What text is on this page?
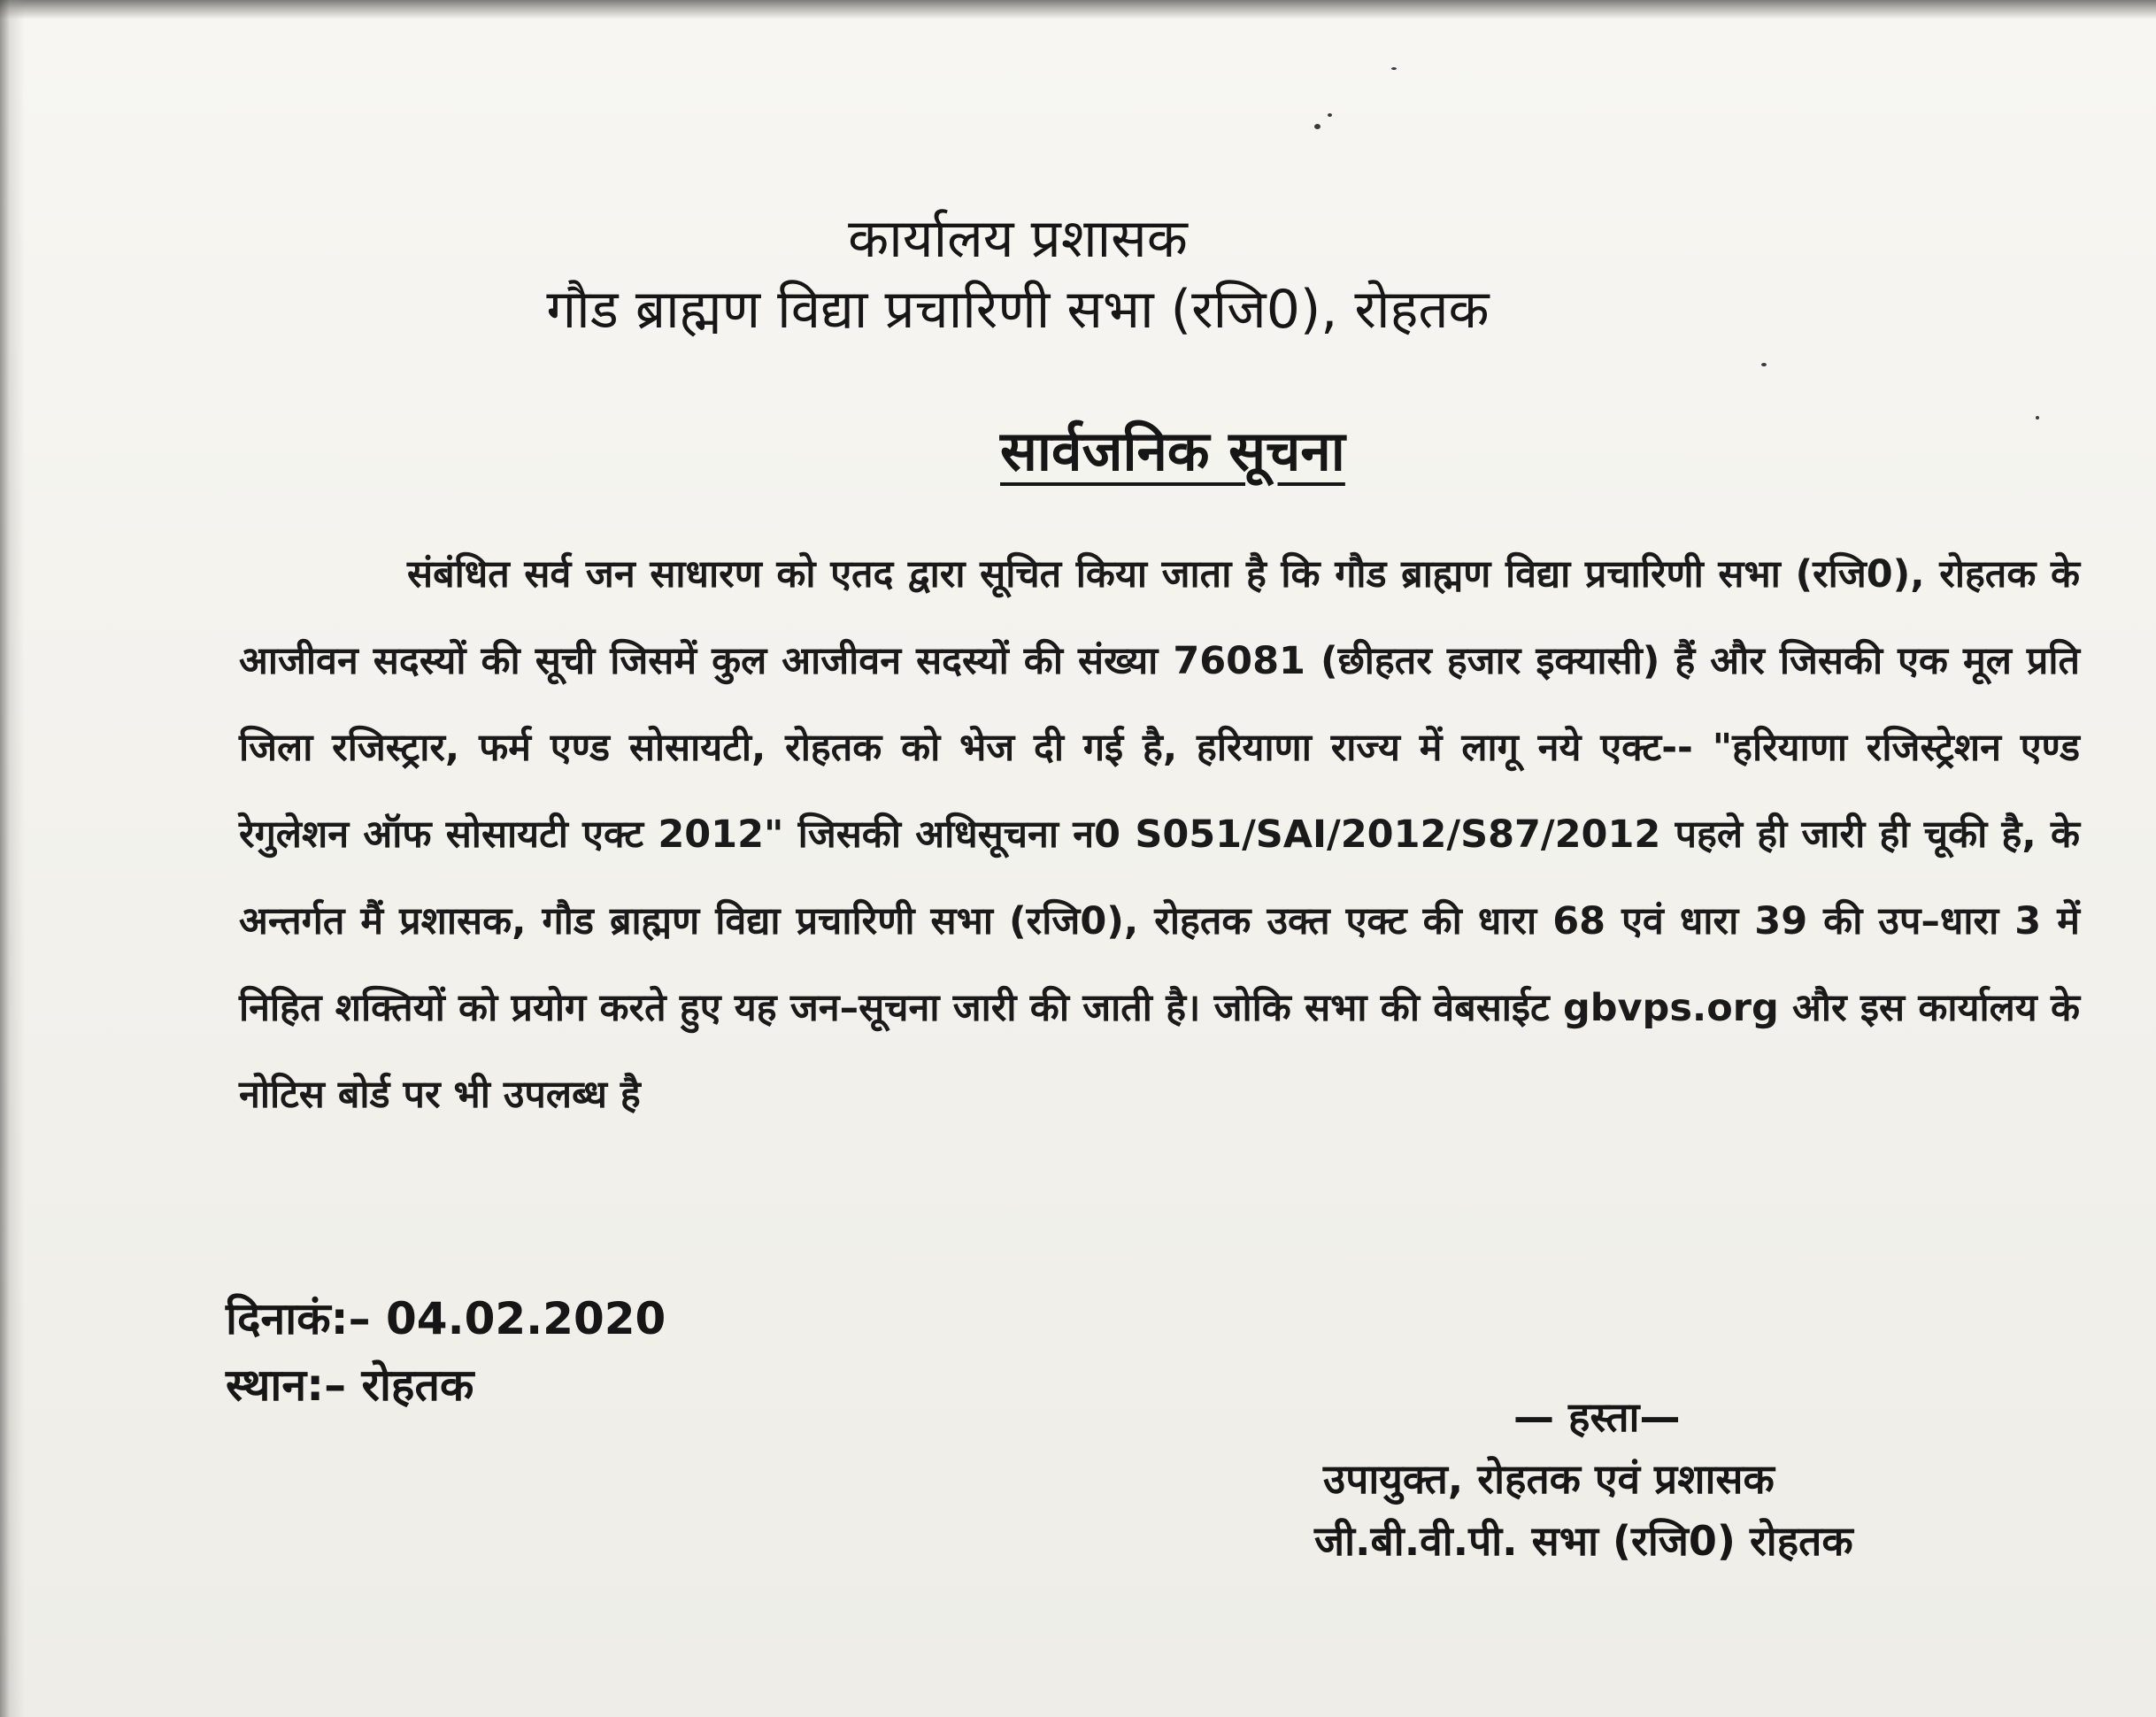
कार्यालय प्रशासक
गौड ब्राह्मण विद्या प्रचारिणी सभा (रजि0), रोहतक
सार्वजनिक सूचना
संबंधित सर्व जन साधारण को एतद द्वारा सूचित किया जाता है कि गौड ब्राह्मण विद्या प्रचारिणी सभा (रजि0), रोहतक के आजीवन सदस्यों की सूची जिसमें कुल आजीवन सदस्यों की संख्या 76081 (छीहतर हजार इक्यासी) हैं और जिसकी एक मूल प्रति जिला रजिस्ट्रार, फर्म एण्ड सोसायटी, रोहतक को भेज दी गई है, हरियाणा राज्य में लागू नये एक्ट-- "हरियाणा रजिस्ट्रेशन एण्ड रेगुलेशन ऑफ सोसायटी एक्ट 2012" जिसकी अधिसूचना न0 S051/SAI/2012/S87/2012 पहले ही जारी ही चूकी है, के अन्तर्गत मैं प्रशासक, गौड ब्राह्मण विद्या प्रचारिणी सभा (रजि0), रोहतक उक्त एक्ट की धारा 68 एवं धारा 39 की उप–धारा 3 में निहित शक्तियों को प्रयोग करते हुए यह जन–सूचना जारी की जाती है। जोकि सभा की वेबसाईट gbvps.org और इस कार्यालय के नोटिस बोर्ड पर भी उपलब्ध है
दिनाकं:– 04.02.2020
स्थान:– रोहतक
— हस्ता—
उपायुक्त, रोहतक एवं प्रशासक
जी.बी.वी.पी. सभा (रजि0) रोहतक
